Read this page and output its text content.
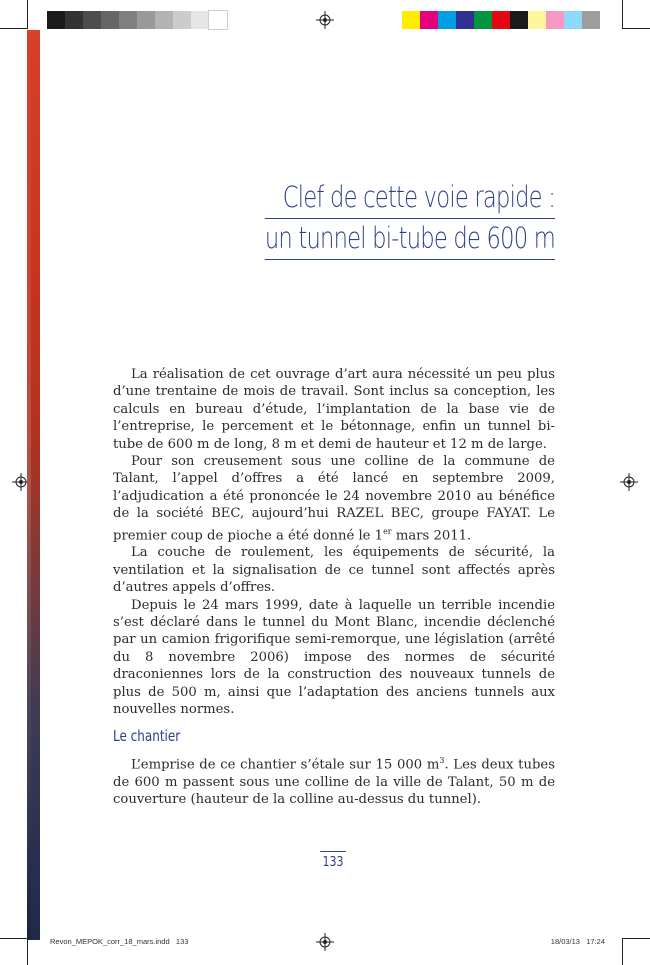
Clef de cette voie rapide :
un tunnel bi-tube de 600 m

La réalisation de cet ouvrage d’art aura nécessité un peu plus d’une trentaine de mois de travail. Sont inclus sa conception, les calculs en bureau d’étude, l’implantation de la base vie de l’entreprise, le percement et le bétonnage, enfin un tunnel bi-tube de 600 m de long, 8 m et demi de hauteur et 12 m de large.

Pour son creusement sous une colline de la commune de Talant, l’appel d’offres a été lancé en septembre 2009, l’adjudication a été prononcée le 24 novembre 2010 au bénéfice de la société BEC, aujourd’hui RAZEL BEC, groupe FAYAT. Le premier coup de pioche a été donné le 1er mars 2011.

La couche de roulement, les équipements de sécurité, la ventilation et la signalisation de ce tunnel sont affectés après d’autres appels d’offres.

Depuis le 24 mars 1999, date à laquelle un terrible incendie s’est déclaré dans le tunnel du Mont Blanc, incendie déclenché par un camion frigorifique semi-remorque, une législation (arrêté du 8 novembre 2006) impose des normes de sécurité draconiennes lors de la construction des nouveaux tunnels de plus de 500 m, ainsi que l’adaptation des anciens tunnels aux nouvelles normes.

Le chantier

L’emprise de ce chantier s’étale sur 15 000 $m^3$. Les deux tubes de 600 m passent sous une colline de la ville de Talant, 50 m de couverture (hauteur de la colline au-dessus du tunnel).

133
Revon_MEPOK_corr_18_mars.indd   133	18/03/13   17:24
